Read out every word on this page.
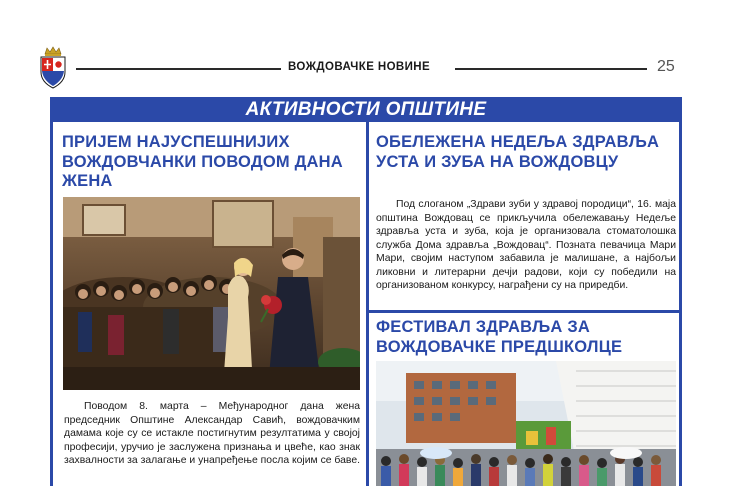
ВОЖДОВАЧКЕ НОВИНЕ	25
АКТИВНОСТИ ОПШТИНЕ
ПРИЈЕМ НАЈУСПЕШНИЈИХ ВОЖДОВЧАНКИ ПОВОДОМ ДАНА ЖЕНА
Поводом 8. марта – Међународног дана жена председник Општине Александар Савић, вождовачким дамама које су се истакле постигнутим резултатима у својој професији, уручио је заслужена признања и цвеће, као знак захвалности за залагање и унапређење посла којим се баве.
ОБЕЛЕЖЕНА НЕДЕЉА ЗДРАВЉА УСТА И ЗУБА НА ВОЖДОВЦУ
Под слоганом „Здрави зуби у здравој породици“, 16. маја општина Вождовац се прикључила обележавању Недеље здравља уста и зуба, која је организовала стоматолошка служба Дома здравља „Вождовац“. Позната певачица Мари Мари, својим наступом забавила је малишане, а најбољи ликовни и литерарни дечји радови, који су победили на организованом конкурсу, награђени су на приредби.
ФЕСТИВАЛ ЗДРАВЉА ЗА ВОЖДОВАЧКЕ ПРЕДШКОЛЦЕ
